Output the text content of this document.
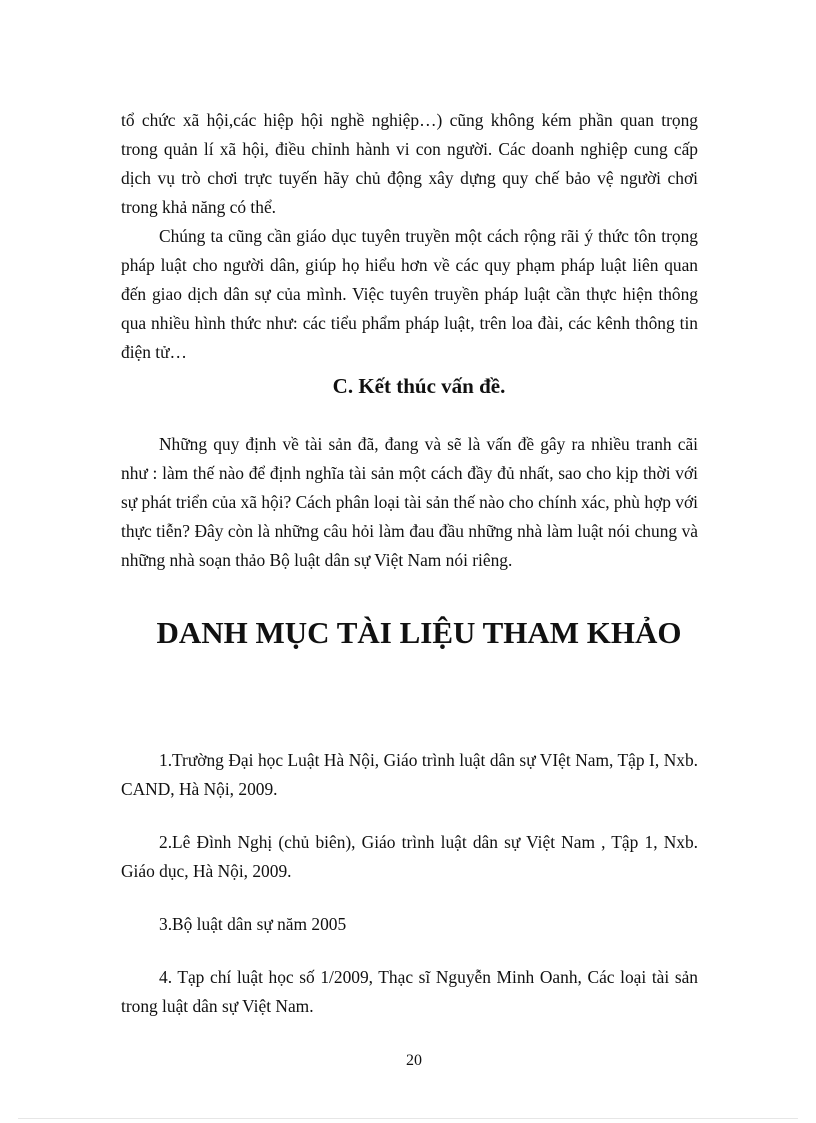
tổ chức xã hội,các hiệp hội nghề nghiệp…) cũng không kém phần quan trọng trong quản lí xã hội, điều chỉnh hành vi con người. Các doanh nghiệp cung cấp dịch vụ trò chơi trực tuyến hãy chủ động xây dựng quy chế bảo vệ người chơi trong khả năng có thể.

Chúng ta cũng cần giáo dục tuyên truyền một cách rộng rãi ý thức tôn trọng pháp luật cho người dân, giúp họ hiểu hơn về các quy phạm pháp luật liên quan đến giao dịch dân sự của mình. Việc tuyên truyền pháp luật cần thực hiện thông qua nhiều hình thức như: các tiểu phẩm pháp luật, trên loa đài, các kênh thông tin điện tử…

C. Kết thúc vấn đề.

Những quy định về tài sản đã, đang và sẽ là vấn đề gây ra nhiều tranh cãi như : làm thế nào để định nghĩa tài sản một cách đầy đủ nhất, sao cho kịp thời với sự phát triển của xã hội? Cách phân loại tài sản thế nào cho chính xác, phù hợp với thực tiễn? Đây còn là những câu hỏi làm đau đầu những nhà làm luật nói chung và những nhà soạn thảo Bộ luật dân sự Việt Nam nói riêng.

DANH MỤC TÀI LIỆU THAM KHẢO

1.Trường Đại học Luật Hà Nội, Giáo trình luật dân sự VIệt Nam, Tập I, Nxb. CAND, Hà Nội, 2009.

2.Lê Đình Nghị (chủ biên), Giáo trình luật dân sự Việt Nam , Tập 1, Nxb. Giáo dục, Hà Nội, 2009.

3.Bộ luật dân sự năm 2005

4. Tạp chí luật học số 1/2009, Thạc sĩ Nguyễn Minh Oanh, Các loại tài sản trong luật dân sự Việt Nam.

20
